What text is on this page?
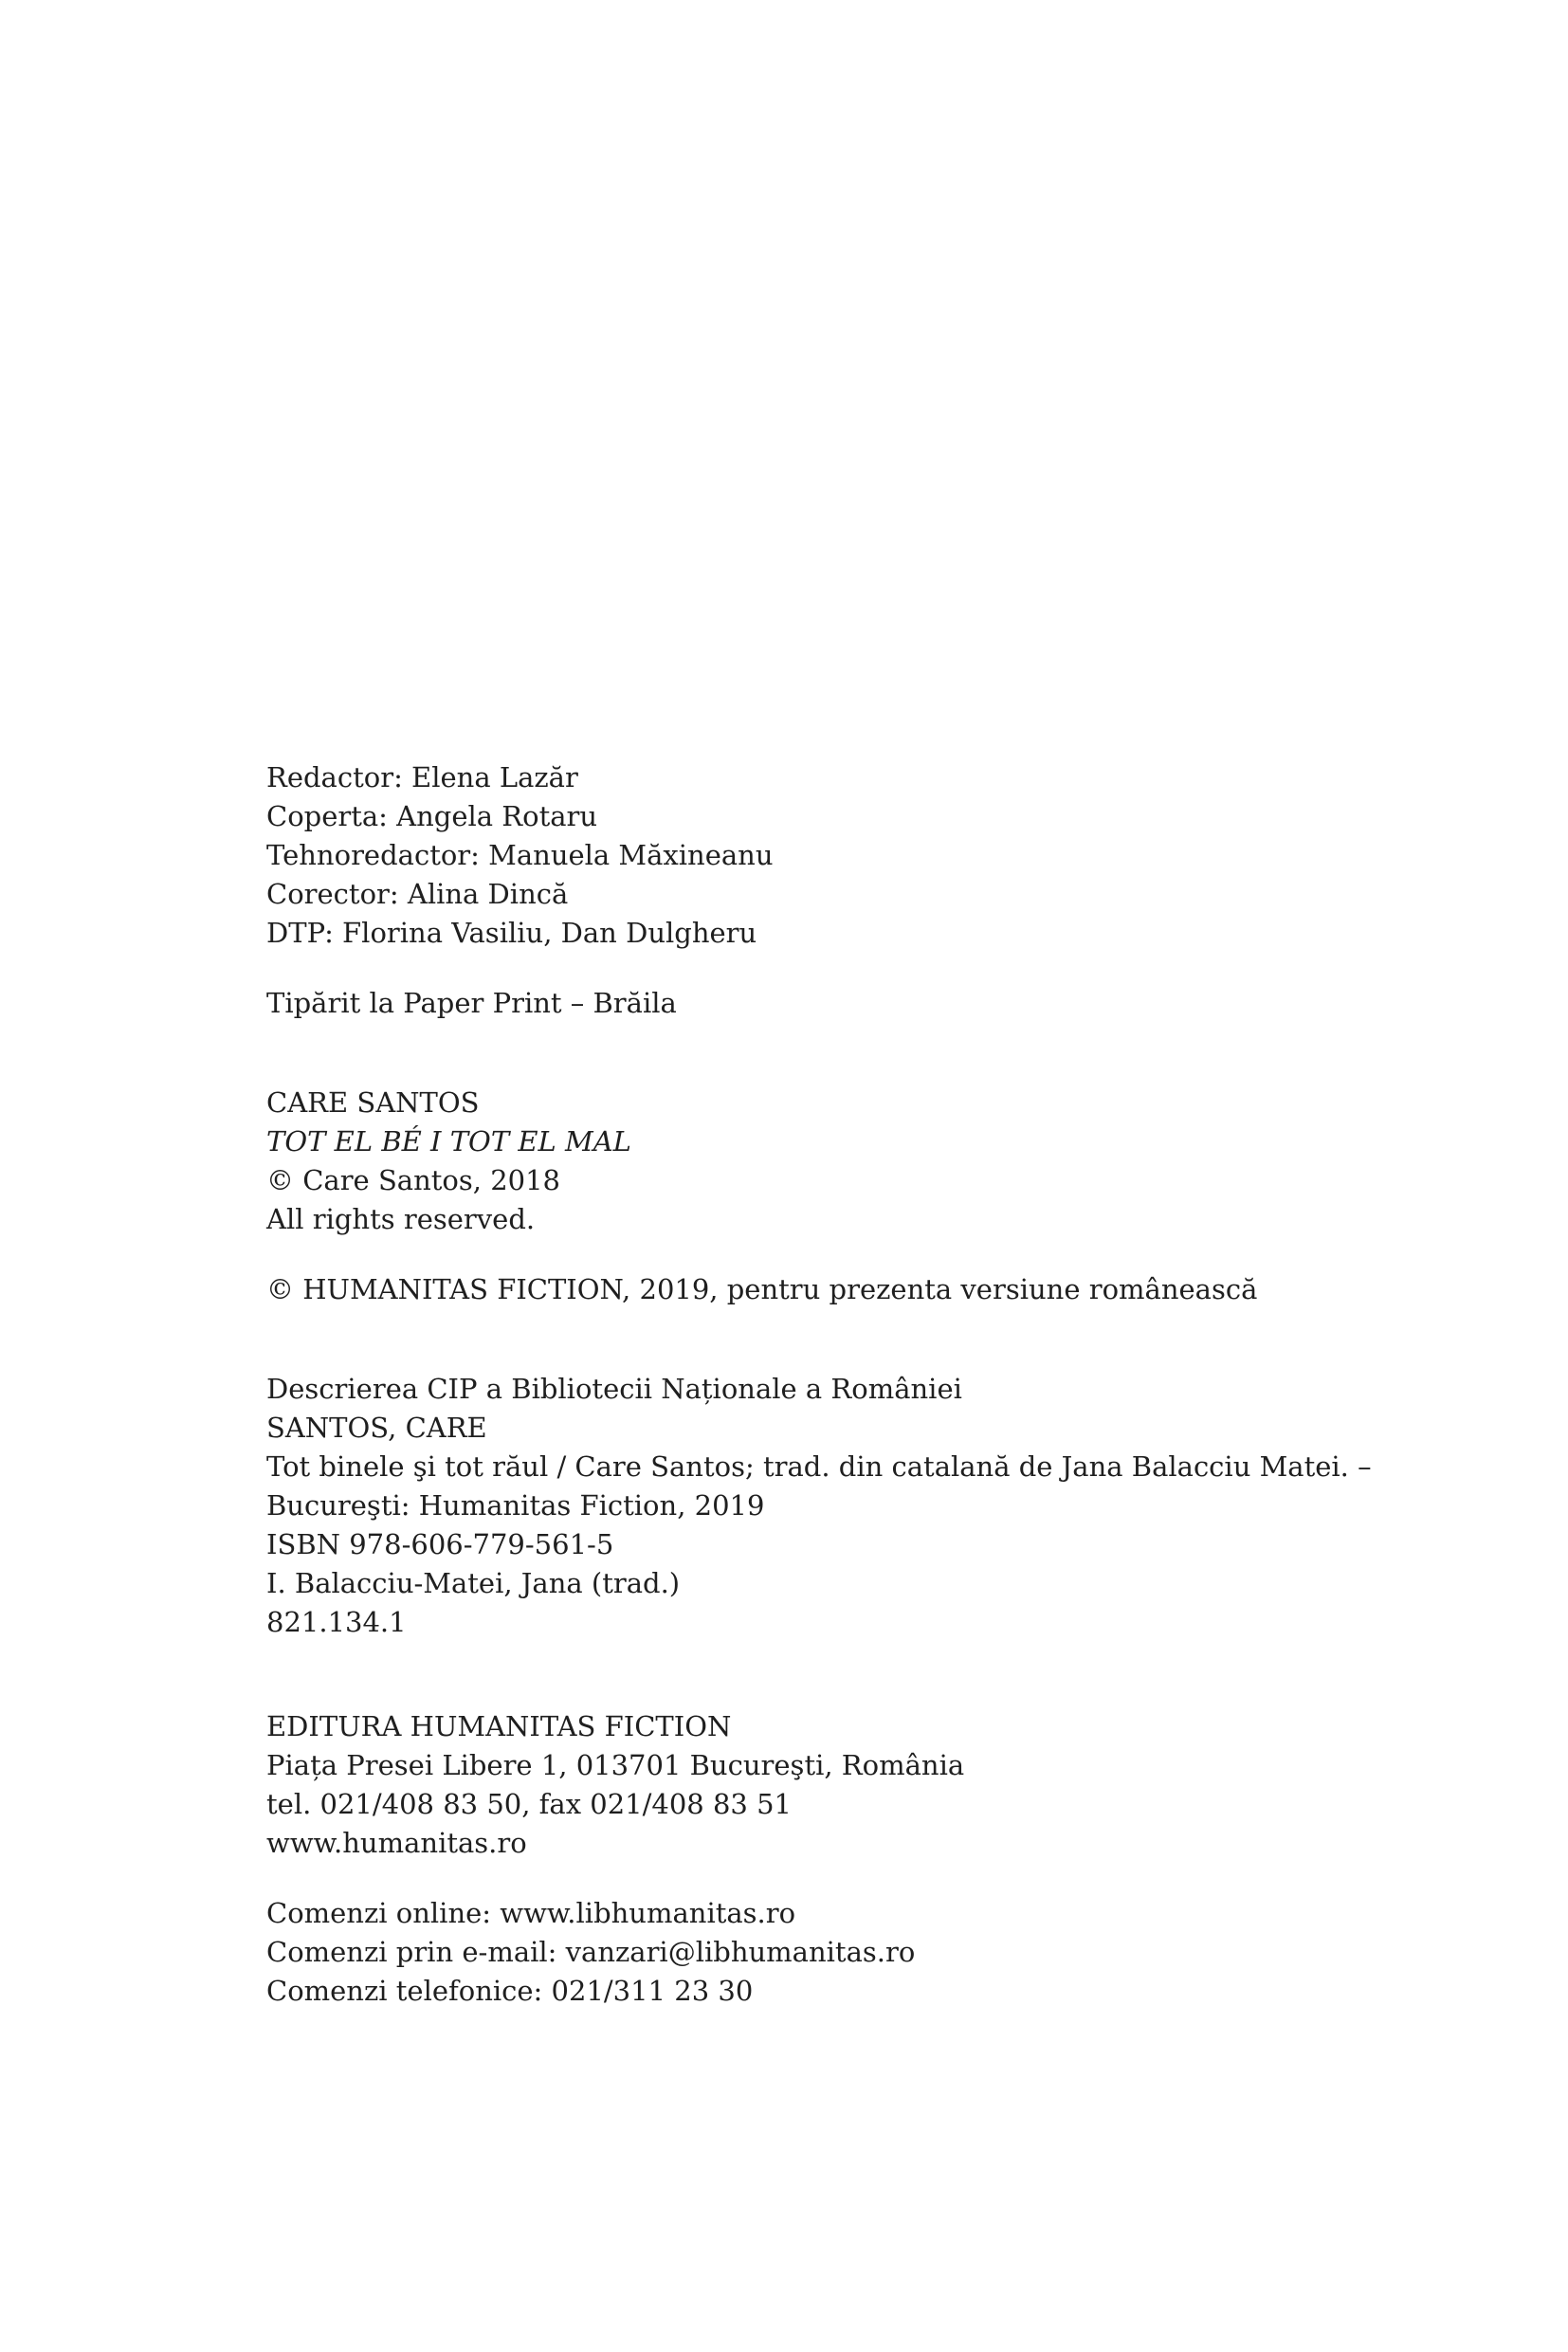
Redactor: Elena Lazăr
Coperta: Angela Rotaru
Tehnoredactor: Manuela Măxineanu
Corector: Alina Dincă
DTP: Florina Vasiliu, Dan Dulgheru
Tipărit la Paper Print – Brăila
CARE SANTOS
TOT EL BÉ I TOT EL MAL
© Care Santos, 2018
All rights reserved.
© HUMANITAS FICTION, 2019, pentru prezenta versiune românească
Descrierea CIP a Bibliotecii Naționale a României
SANTOS, CARE
Tot binele şi tot răul / Care Santos; trad. din catalană de Jana Balacciu Matei. –
Bucureşti: Humanitas Fiction, 2019
ISBN 978-606-779-561-5
I. Balacciu-Matei, Jana (trad.)
821.134.1
EDITURA HUMANITAS FICTION
Piața Presei Libere 1, 013701 Bucureşti, România
tel. 021/408 83 50, fax 021/408 83 51
www.humanitas.ro
Comenzi online: www.libhumanitas.ro
Comenzi prin e-mail: vanzari@libhumanitas.ro
Comenzi telefonice: 021/311 23 30
